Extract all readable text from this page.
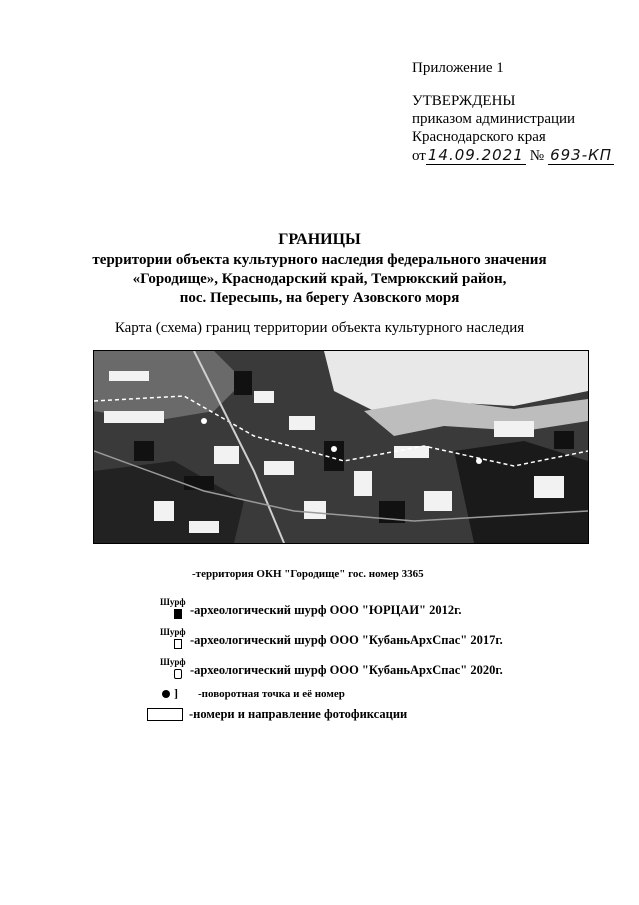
Приложение 1
УТВЕРЖДЕНЫ
приказом администрации
Краснодарского края
от 14.09.2021 № 693-КП
ГРАНИЦЫ
территории объекта культурного наследия федерального значения
«Городище», Краснодарский край, Темрюкский район,
пос. Пересыпь, на берегу Азовского моря
Карта (схема) границ территории объекта культурного наследия
-территория ОКН "Городище" гос. номер 3365
Шурф
-археологический шурф ООО "ЮРЦАИ" 2012г.
Шурф
-археологический шурф ООО "КубаньАрхСпас" 2017г.
Шурф
-археологический шурф ООО "КубаньАрхСпас" 2020г.
] -поворотная точка и её номер
-номери и направление фотофиксации
